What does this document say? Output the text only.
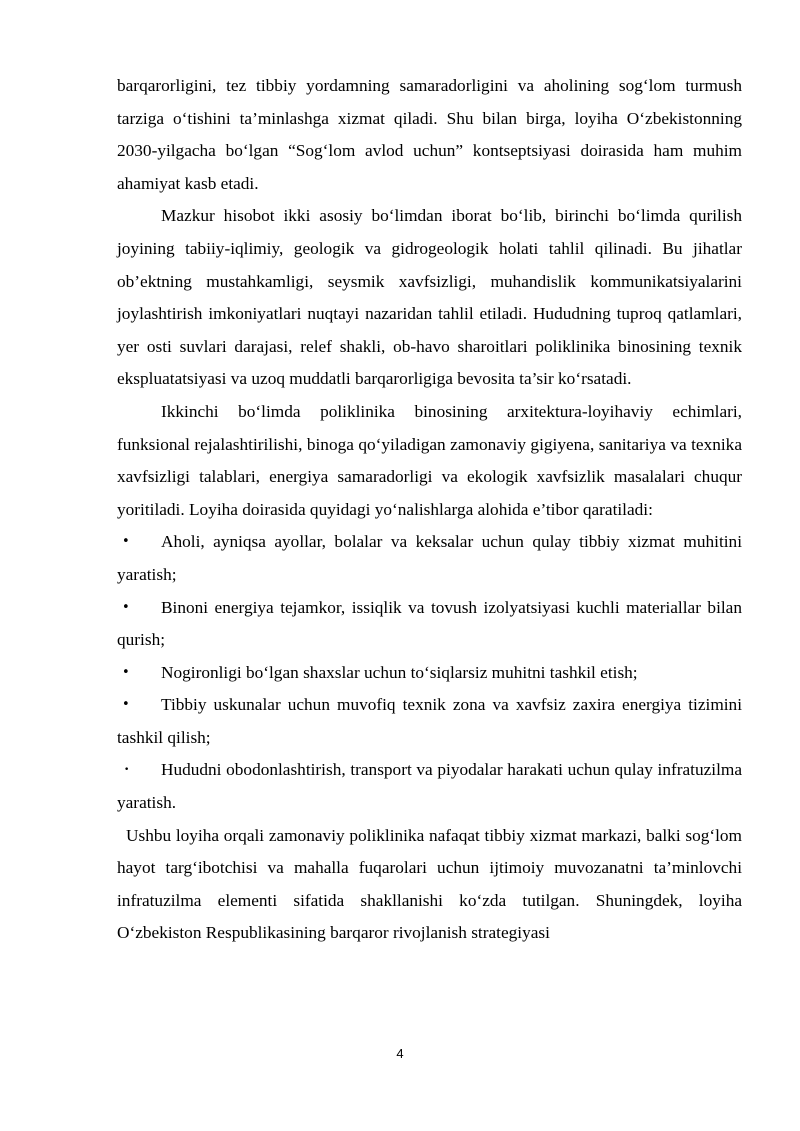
barqarorligini, tez tibbiy yordamning samaradorligini va aholining sog‘lom turmush tarziga o‘tishini ta’minlashga xizmat qiladi. Shu bilan birga, loyiha O‘zbekistonning 2030-yilgacha bo‘lgan “Sog‘lom avlod uchun” kontseptsiyasi doirasida ham muhim ahamiyat kasb etadi.

Mazkur hisobot ikki asosiy bo‘limdan iborat bo‘lib, birinchi bo‘limda qurilish joyining tabiiy-iqlimiy, geologik va gidrogeologik holati tahlil qilinadi. Bu jihatlar ob’ektning mustahkamligi, seysmik xavfsizligi, muhandislik kommunikatsiyalarini joylashtirish imkoniyatlari nuqtayi nazaridan tahlil etiladi. Hududning tuproq qatlamlari, yer osti suvlari darajasi, relef shakli, ob-havo sharoitlari poliklinika binosining texnik ekspluatatsiyasi va uzoq muddatli barqarorligiga bevosita ta’sir ko‘rsatadi.

Ikkinchi bo‘limda poliklinika binosining arxitektura-loyihaviy echimlari, funksional rejalashtirilishi, binoga qo‘yiladigan zamonaviy gigiyena, sanitariya va texnika xavfsizligi talablari, energiya samaradorligi va ekologik xavfsizlik masalalari chuqur yoritiladi. Loyiha doirasida quyidagi yo‘nalishlarga alohida e’tibor qaratiladi:

• Aholi, ayniqsa ayollar, bolalar va keksalar uchun qulay tibbiy xizmat muhitini yaratish;

• Binoni energiya tejamkor, issiqlik va tovush izolyatsiyasi kuchli materiallar bilan qurish;

• Nogironligi bo‘lgan shaxslar uchun to‘siqlarsiz muhitni tashkil etish;

• Tibbiy uskunalar uchun muvofiq texnik zona va xavfsiz zaxira energiya tizimini tashkil qilish;

• Hududni obodonlashtirish, transport va piyodalar harakati uchun qulay infratuzilma yaratish.

Ushbu loyiha orqali zamonaviy poliklinika nafaqat tibbiy xizmat markazi, balki sog‘lom hayot targ‘ibotchisi va mahalla fuqarolari uchun ijtimoiy muvozanatni ta’minlovchi infratuzilma elementi sifatida shakllanishi ko‘zda tutilgan. Shuningdek, loyiha O‘zbekiston Respublikasining barqaror rivojlanish strategiyasi

4
